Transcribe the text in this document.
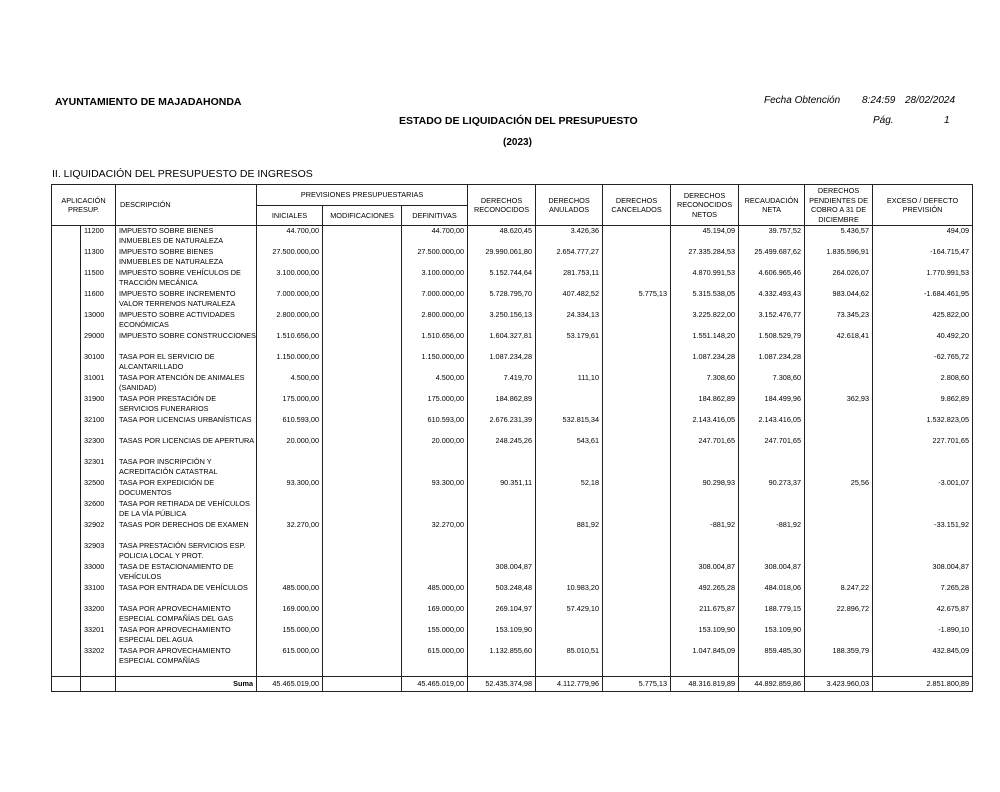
AYUNTAMIENTO DE MAJADAHONDA
ESTADO DE LIQUIDACIÓN DEL PRESUPUESTO
(2023)
Fecha Obtención 8:24:59 28/02/2024
Pág.	1
II. LIQUIDACIÓN DEL PRESUPUESTO DE INGRESOS
APLICACIÓN PRESUP.		DESCRIPCIÓN	PREVISIONES PRESUPUESTARIAS			DERECHOS RECONOCIDOS	DERECHOS ANULADOS	DERECHOS CANCELADOS	DERECHOS RECONOCIDOS NETOS	RECAUDACIÓN NETA	DERECHOS PENDIENTES DE COBRO A 31 DE DICIEMBRE	EXCESO / DEFECTO PREVISIÓN
			INICIALES	MODIFICACIONES	DEFINITIVAS							
	11200	IMPUESTO SOBRE BIENES INMUEBLES DE NATURALEZA	44.700,00		44.700,00	48.620,45	3.426,36		45.194,09	39.757,52	5.436,57	494,09
	11300	IMPUESTO SOBRE BIENES INMUEBLES DE NATURALEZA	27.500.000,00		27.500.000,00	29.990.061,80	2.654.777,27		27.335.284,53	25.499.687,62	1.835.596,91	-164.715,47
	11500	IMPUESTO SOBRE VEHÍCULOS DE TRACCIÓN MECÁNICA	3.100.000,00		3.100.000,00	5.152.744,64	281.753,11		4.870.991,53	4.606.965,46	264.026,07	1.770.991,53
	11600	IMPUESTO SOBRE INCREMENTO VALOR TERRENOS NATURALEZA	7.000.000,00		7.000.000,00	5.728.795,70	407.482,52	5.775,13	5.315.538,05	4.332.493,43	983.044,62	-1.684.461,95
	13000	IMPUESTO SOBRE ACTIVIDADES ECONÓMICAS	2.800.000,00		2.800.000,00	3.250.156,13	24.334,13		3.225.822,00	3.152.476,77	73.345,23	425.822,00
	29000	IMPUESTO SOBRE CONSTRUCCIONES	1.510.656,00		1.510.656,00	1.604.327,81	53.179,61		1.551.148,20	1.508.529,79	42.618,41	40.492,20
	30100	TASA POR EL SERVICIO DE ALCANTARILLADO	1.150.000,00		1.150.000,00	1.087.234,28			1.087.234,28	1.087.234,28		-62.765,72
	31001	TASA POR ATENCIÓN DE ANIMALES (SANIDAD)	4.500,00		4.500,00	7.419,70	111,10		7.308,60	7.308,60		2.808,60
	31900	TASA POR PRESTACIÓN DE SERVICIOS FUNERARIOS	175.000,00		175.000,00	184.862,89			184.862,89	184.499,96	362,93	9.862,89
	32100	TASA POR LICENCIAS URBANÍSTICAS	610.593,00		610.593,00	2.676.231,39	532.815,34		2.143.416,05	2.143.416,05		1.532.823,05
	32300	TASAS POR LICENCIAS DE APERTURA	20.000,00		20.000,00	248.245,26	543,61		247.701,65	247.701,65		227.701,65
	32301	TASA POR INSCRIPCIÓN Y ACREDITACIÓN CATASTRAL										
	32500	TASA POR EXPEDICIÓN DE DOCUMENTOS	93.300,00		93.300,00	90.351,11	52,18		90.298,93	90.273,37	25,56	-3.001,07
	32600	TASA POR RETIRADA DE VEHÍCULOS DE LA VÍA PÚBLICA										
	32902	TASAS POR DERECHOS DE EXAMEN	32.270,00		32.270,00		881,92		-881,92	-881,92		-33.151,92
	32903	TASA PRESTACIÓN SERVICIOS ESP. POLICIA LOCAL Y PROT.										
	33000	TASA DE ESTACIONAMIENTO DE VEHÍCULOS				308.004,87			308.004,87	308.004,87		308.004,87
	33100	TASA POR ENTRADA DE VEHÍCULOS	485.000,00		485.000,00	503.248,48	10.983,20		492.265,28	484.018,06	8.247,22	7.265,28
	33200	TASA POR APROVECHAMIENTO ESPECIAL COMPAÑÍAS DEL GAS	169.000,00		169.000,00	269.104,97	57.429,10		211.675,87	188.779,15	22.896,72	42.675,87
	33201	TASA POR APROVECHAMIENTO ESPECIAL DEL AGUA	155.000,00		155.000,00	153.109,90			153.109,90	153.109,90		-1.890,10
	33202	TASA POR APROVECHAMIENTO ESPECIAL COMPAÑÍAS	615.000,00		615.000,00	1.132.855,60	85.010,51		1.047.845,09	859.485,30	188.359,79	432.845,09

		Suma	45.465.019,00		45.465.019,00	52.435.374,98	4.112.779,96	5.775,13	48.316.819,89	44.892.859,86	3.423.960,03	2.851.800,89
